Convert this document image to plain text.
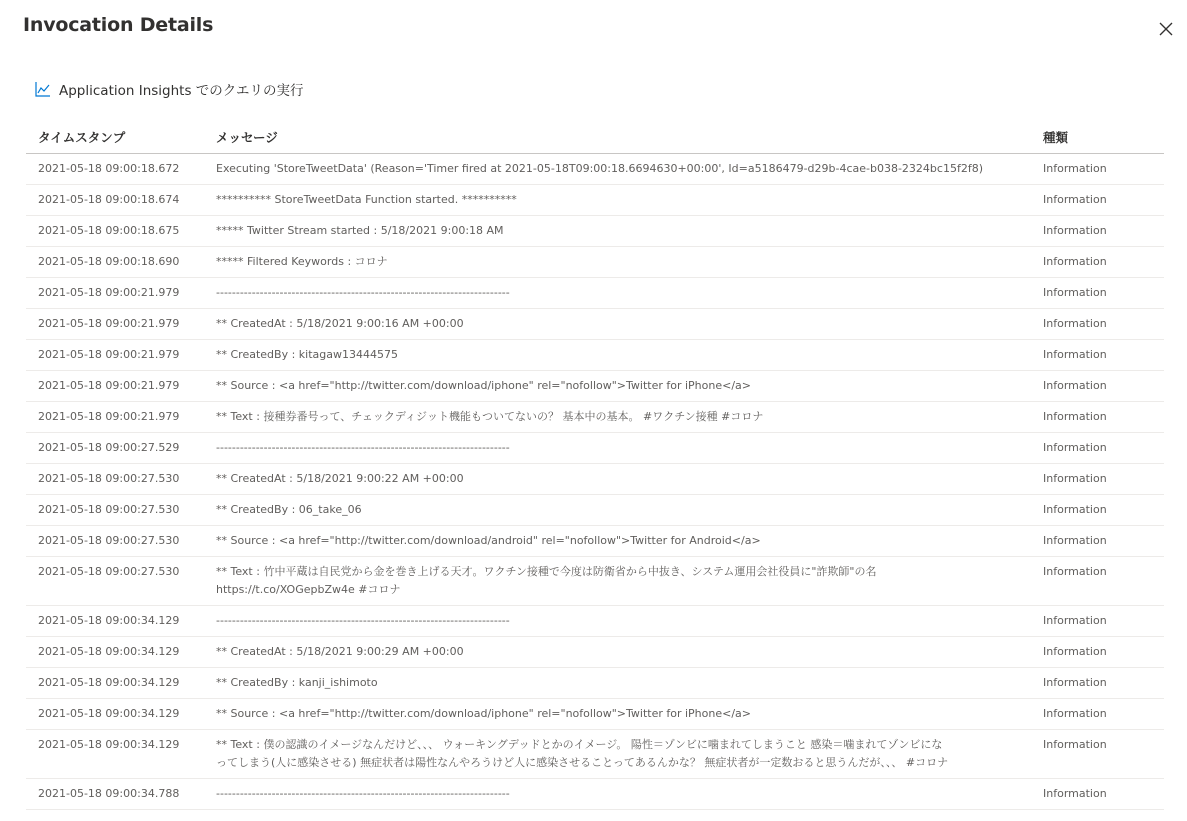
Invocation Details
Application Insights でのクエリの実行
タイムスタンプ	メッセージ	種類
2021-05-18 09:00:18.672	Executing 'StoreTweetData' (Reason='Timer fired at 2021-05-18T09:00:18.6694630+00:00', Id=a5186479-d29b-4cae-b038-2324bc15f2f8)	Information
2021-05-18 09:00:18.674	********** StoreTweetData Function started. **********	Information
2021-05-18 09:00:18.675	***** Twitter Stream started : 5/18/2021 9:00:18 AM	Information
2021-05-18 09:00:18.690	***** Filtered Keywords : コロナ	Information
2021-05-18 09:00:21.979	--------------------------------------------------------------------------	Information
2021-05-18 09:00:21.979	** CreatedAt : 5/18/2021 9:00:16 AM +00:00	Information
2021-05-18 09:00:21.979	** CreatedBy : kitagaw13444575	Information
2021-05-18 09:00:21.979	** Source : <a href="http://twitter.com/download/iphone" rel="nofollow">Twitter for iPhone</a>	Information
2021-05-18 09:00:21.979	** Text : 接種券番号って、チェックディジット機能もついてないの？ 基本中の基本。 #ワクチン接種 #コロナ	Information
2021-05-18 09:00:27.529	--------------------------------------------------------------------------	Information
2021-05-18 09:00:27.530	** CreatedAt : 5/18/2021 9:00:22 AM +00:00	Information
2021-05-18 09:00:27.530	** CreatedBy : 06_take_06	Information
2021-05-18 09:00:27.530	** Source : <a href="http://twitter.com/download/android" rel="nofollow">Twitter for Android</a>	Information
2021-05-18 09:00:27.530	** Text : 竹中平蔵は自民党から金を巻き上げる天才。ワクチン接種で今度は防衛省から中抜き、システム運用会社役員に"詐欺師"の名
https://t.co/XOGepbZw4e #コロナ
Information
2021-05-18 09:00:34.129	--------------------------------------------------------------------------	Information
2021-05-18 09:00:34.129	** CreatedAt : 5/18/2021 9:00:29 AM +00:00	Information
2021-05-18 09:00:34.129	** CreatedBy : kanji_ishimoto	Information
2021-05-18 09:00:34.129	** Source : <a href="http://twitter.com/download/iphone" rel="nofollow">Twitter for iPhone</a>	Information
2021-05-18 09:00:34.129	** Text : 僕の認識のイメージなんだけど、、、 ウォーキングデッドとかのイメージ。 陽性＝ゾンビに噛まれてしまうこと 感染＝噛まれてゾンビにな
ってしまう(人に感染させる) 無症状者は陽性なんやろうけど人に感染させることってあるんかな？ 無症状者が一定数おると思うんだが、、、 #コロナ
Information
2021-05-18 09:00:34.788	--------------------------------------------------------------------------	Information
